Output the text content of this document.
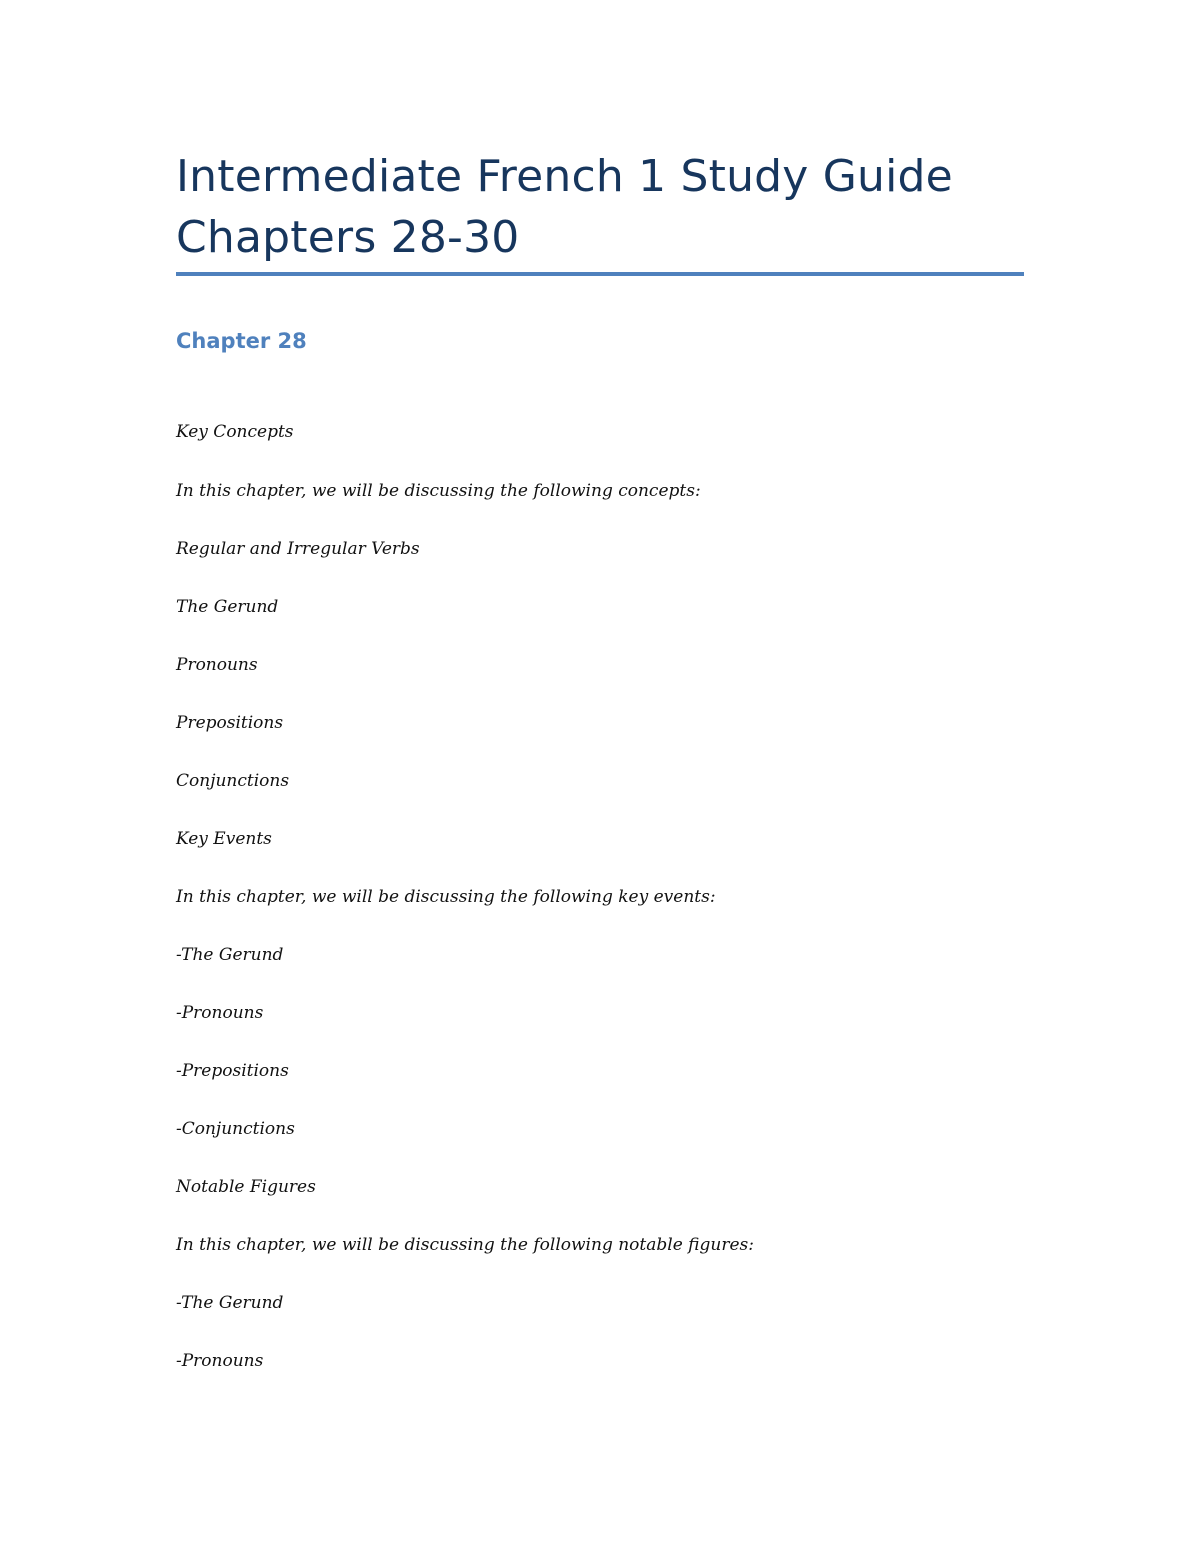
Intermediate French 1 Study Guide Chapters 28-30
Chapter 28

Key Concepts

In this chapter, we will be discussing the following concepts:

Regular and Irregular Verbs

The Gerund

Pronouns

Prepositions

Conjunctions

Key Events

In this chapter, we will be discussing the following key events:

-The Gerund

-Pronouns

-Prepositions

-Conjunctions

Notable Figures

In this chapter, we will be discussing the following notable figures:

-The Gerund

-Pronouns
